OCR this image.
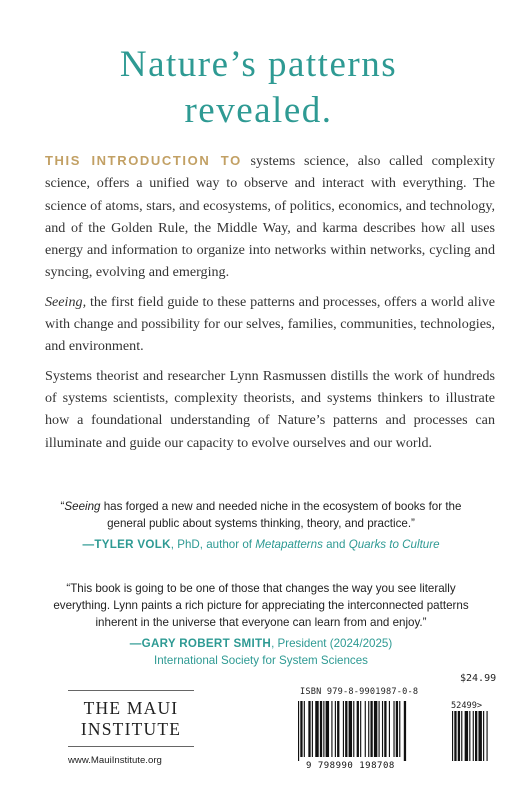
Nature’s patterns
revealed.

THIS INTRODUCTION TO systems science, also called complexity science, offers a unified way to observe and interact with everything. The science of atoms, stars, and ecosystems, of politics, economics, and technology, and of the Golden Rule, the Middle Way, and karma describes how all uses energy and information to organize into networks within networks, cycling and syncing, evolving and emerging.

Seeing, the first field guide to these patterns and processes, offers a world alive with change and possibility for our selves, families, communities, technologies, and environment.

Systems theorist and researcher Lynn Rasmussen distills the work of hundreds of systems scientists, complexity theorists, and systems thinkers to illustrate how a foundational understanding of Nature’s patterns and processes can illuminate and guide our capacity to evolve ourselves and our world.

“Seeing has forged a new and needed niche in the ecosystem of books for the general public about systems thinking, theory, and practice.”
—TYLER VOLK, PhD, author of Metapatterns and Quarks to Culture
“This book is going to be one of those that changes the way you see literally everything. Lynn paints a rich picture for appreciating the interconnected patterns inherent in the universe that everyone can learn from and enjoy.”
—GARY ROBERT SMITH, President (2024/2025)
International Society for System Sciences
THE MAUI
INSTITUTE
www.MauiInstitute.org
$24.99
ISBN 979-8-9901987-0-8
52499>
9 798990 198708
